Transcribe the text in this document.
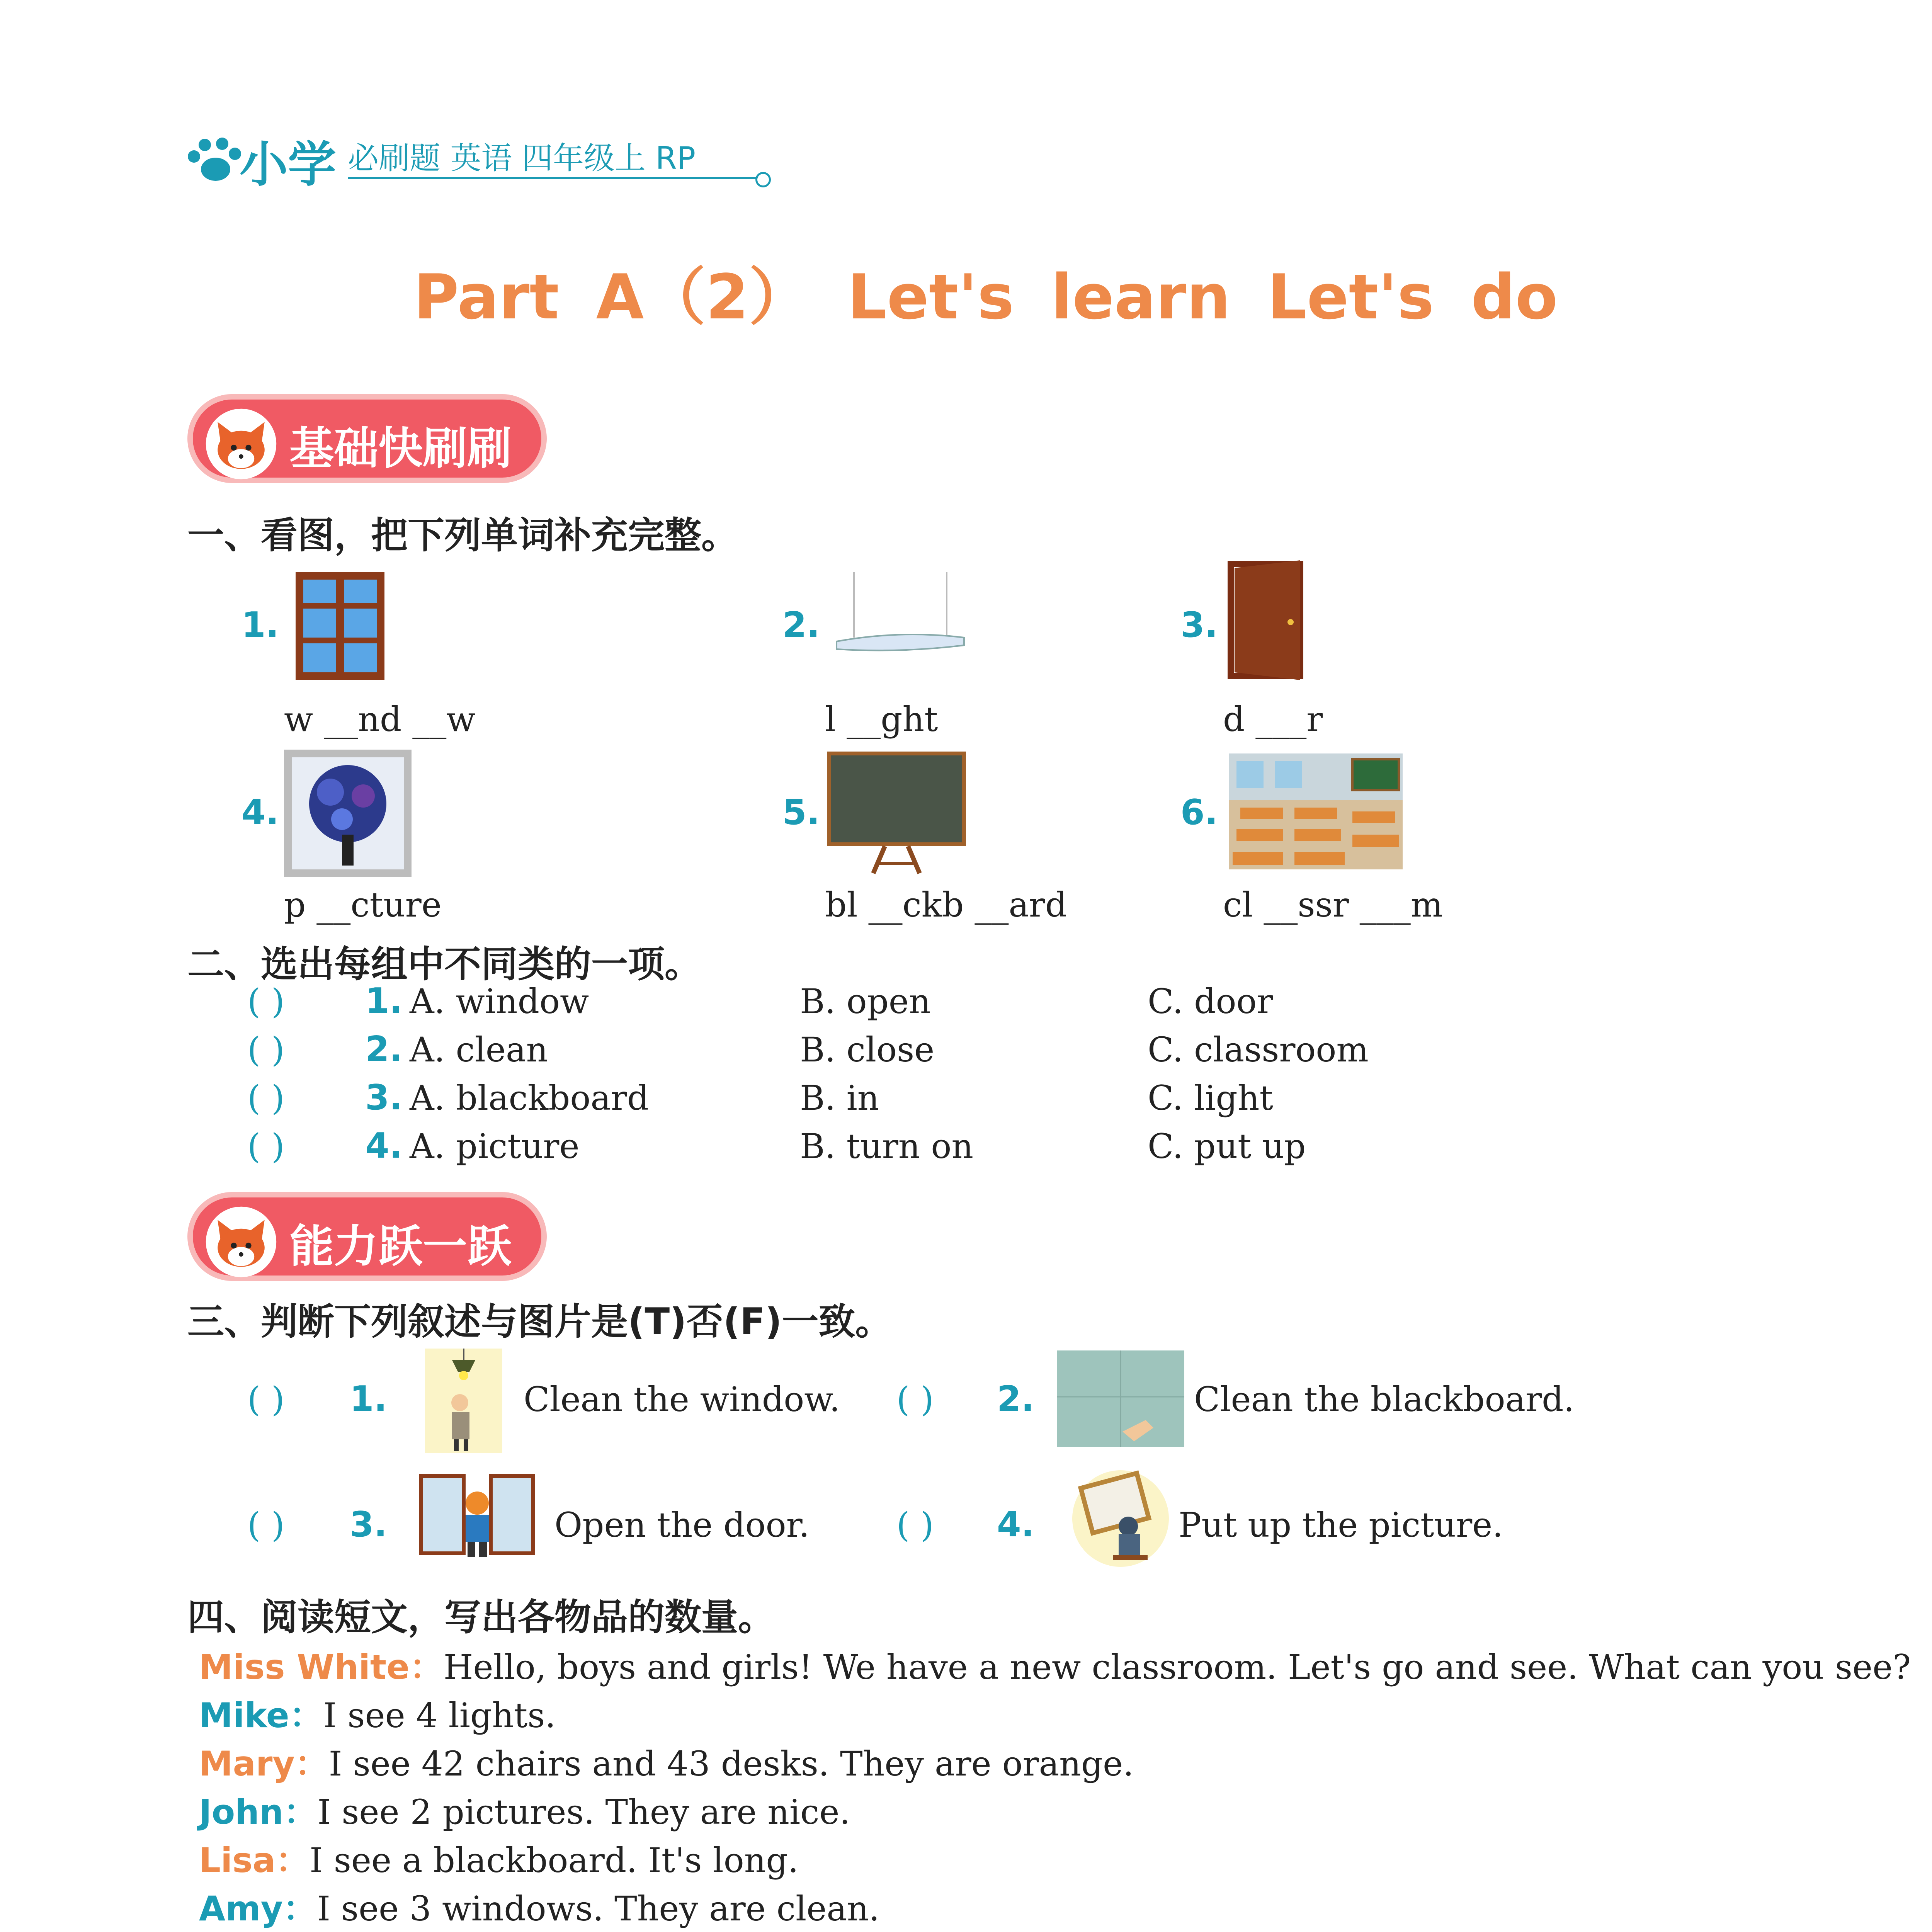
小学 必刷题 英语 四年级上 RP
Part A（2） Let's learn Let's do
基础快刷刷
一、看图，把下列单词补充完整。
1.
w __nd __w
2.
l __ght
3.
d ___r
4.
p __cture
5.
bl __ckb __ard
6.
cl __ssr ___m
二、选出每组中不同类的一项。
( ) 1. A. window	B. open	C. door
( ) 2. A. clean	B. close	C. classroom
( ) 3. A. blackboard	B. in	C. light
( ) 4. A. picture	B. turn on	C. put up
能力跃一跃
三、判断下列叙述与图片是(T)否(F)一致。
( ) 1.	Clean the window. ( ) 2.	Clean the blackboard.
( ) 3.	Open the door.	( ) 4.	Put up the picture.
四、阅读短文，写出各物品的数量。
Miss White：Hello, boys and girls! We have a new classroom. Let's go and see. What can you see?
Mike：I see 4 lights.
Mary：I see 42 chairs and 43 desks. They are orange.
John：I see 2 pictures. They are nice.
Lisa：I see a blackboard. It's long.
Amy：I see 3 windows. They are clean.
